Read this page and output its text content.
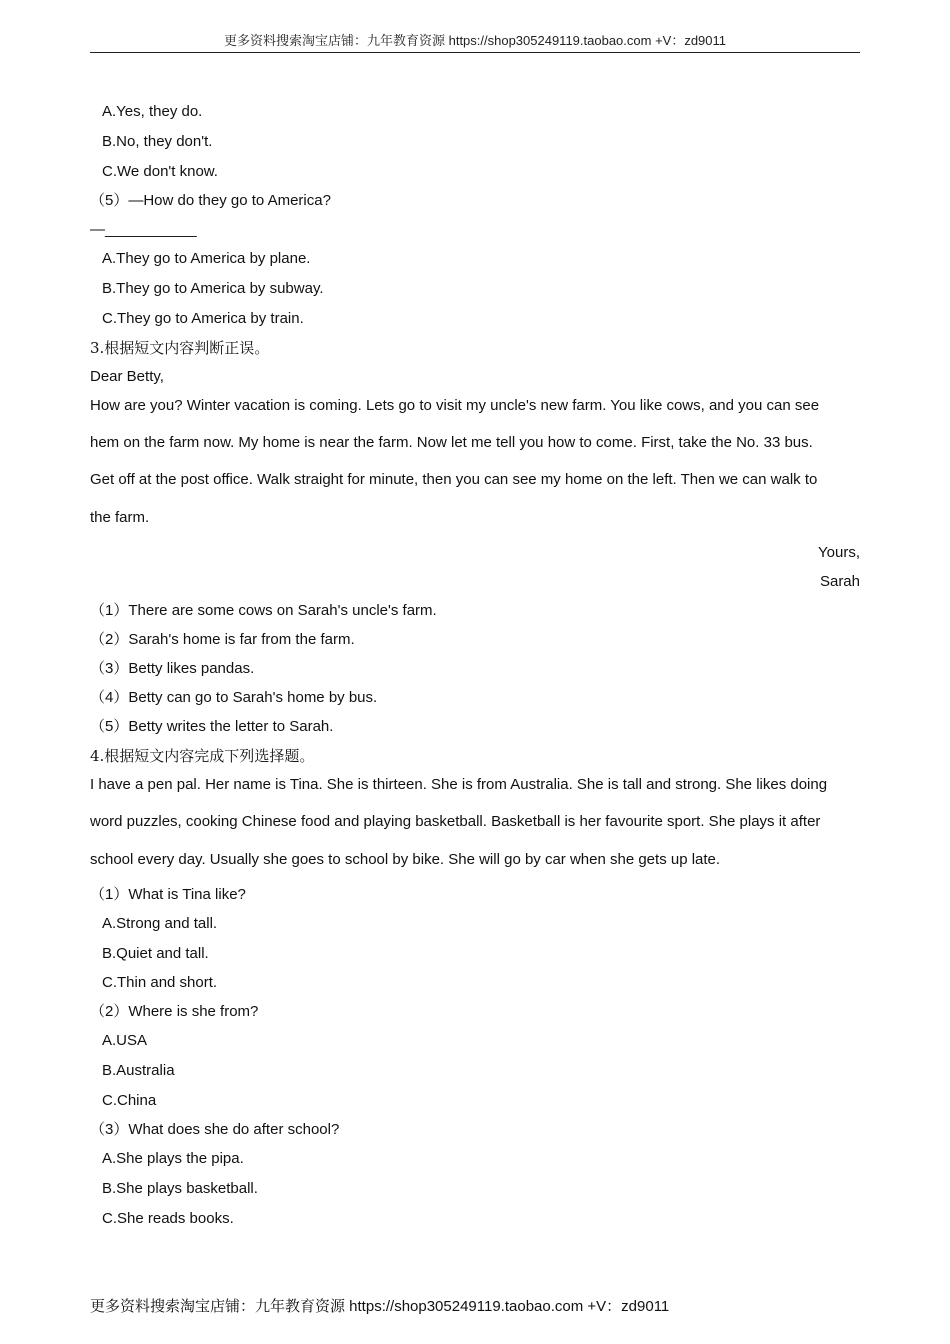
更多资料搜索淘宝店铺：九年教育资源 https://shop305249119.taobao.com +V：zd9011
A.Yes, they do.
B.No, they don't.
C.We don't know.
（5）—How do they go to America?
—___________
A.They go to America by plane.
B.They go to America by subway.
C.They go to America by train.
3.根据短文内容判断正误。
Dear Betty,
How are you? Winter vacation is coming. Lets go to visit my uncle's new farm. You like cows, and you can see
hem on the farm now. My home is near the farm. Now let me tell you how to come. First, take the No. 33 bus.
Get off at the post office. Walk straight for minute, then you can see my home on the left. Then we can walk to
the farm.
Yours,
Sarah
（1）There are some cows on Sarah's uncle's farm.
（2）Sarah's home is far from the farm.
（3）Betty likes pandas.
（4）Betty can go to Sarah's home by bus.
（5）Betty writes the letter to Sarah.
4.根据短文内容完成下列选择题。
I have a pen pal. Her name is Tina. She is thirteen. She is from Australia. She is tall and strong. She likes doing
word puzzles, cooking Chinese food and playing basketball. Basketball is her favourite sport. She plays it after
school every day. Usually she goes to school by bike. She will go by car when she gets up late.
（1）What is Tina like?
A.Strong and tall.
B.Quiet and tall.
C.Thin and short.
（2）Where is she from?
A.USA
B.Australia
C.China
（3）What does she do after school?
A.She plays the pipa.
B.She plays basketball.
C.She reads books.
更多资料搜索淘宝店铺：九年教育资源 https://shop305249119.taobao.com +V：zd9011
